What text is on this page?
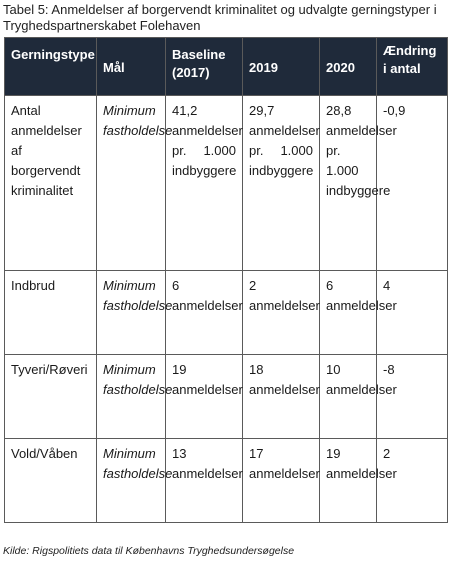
Tabel 5: Anmeldelser af borgervendt kriminalitet og udvalgte gerningstyper i Tryghedspartnerskabet Folehaven
Gerningstype	Mål	Baseline (2017)	2019	2020	Ændring i antal
Antal anmeldelser af borgervendt kriminalitet	Minimum fastholdelse	41,2 anmeldelser pr. 1.000 indbyggere	29,7 anmeldelser pr. 1.000 indbyggere	28,8 anmeldelser pr. 1.000 indbyggere	-0,9
Indbrud	Minimum fastholdelse	6 anmeldelser	2 anmeldelser	6 anmeldelser	4
Tyveri/Røveri	Minimum fastholdelse	19 anmeldelser	18 anmeldelser	10 anmeldelser	-8
Vold/Våben	Minimum fastholdelse	13 anmeldelser	17 anmeldelser	19 anmeldelser	2
Kilde: Rigspolitiets data til Københavns Tryghedsundersøgelse
